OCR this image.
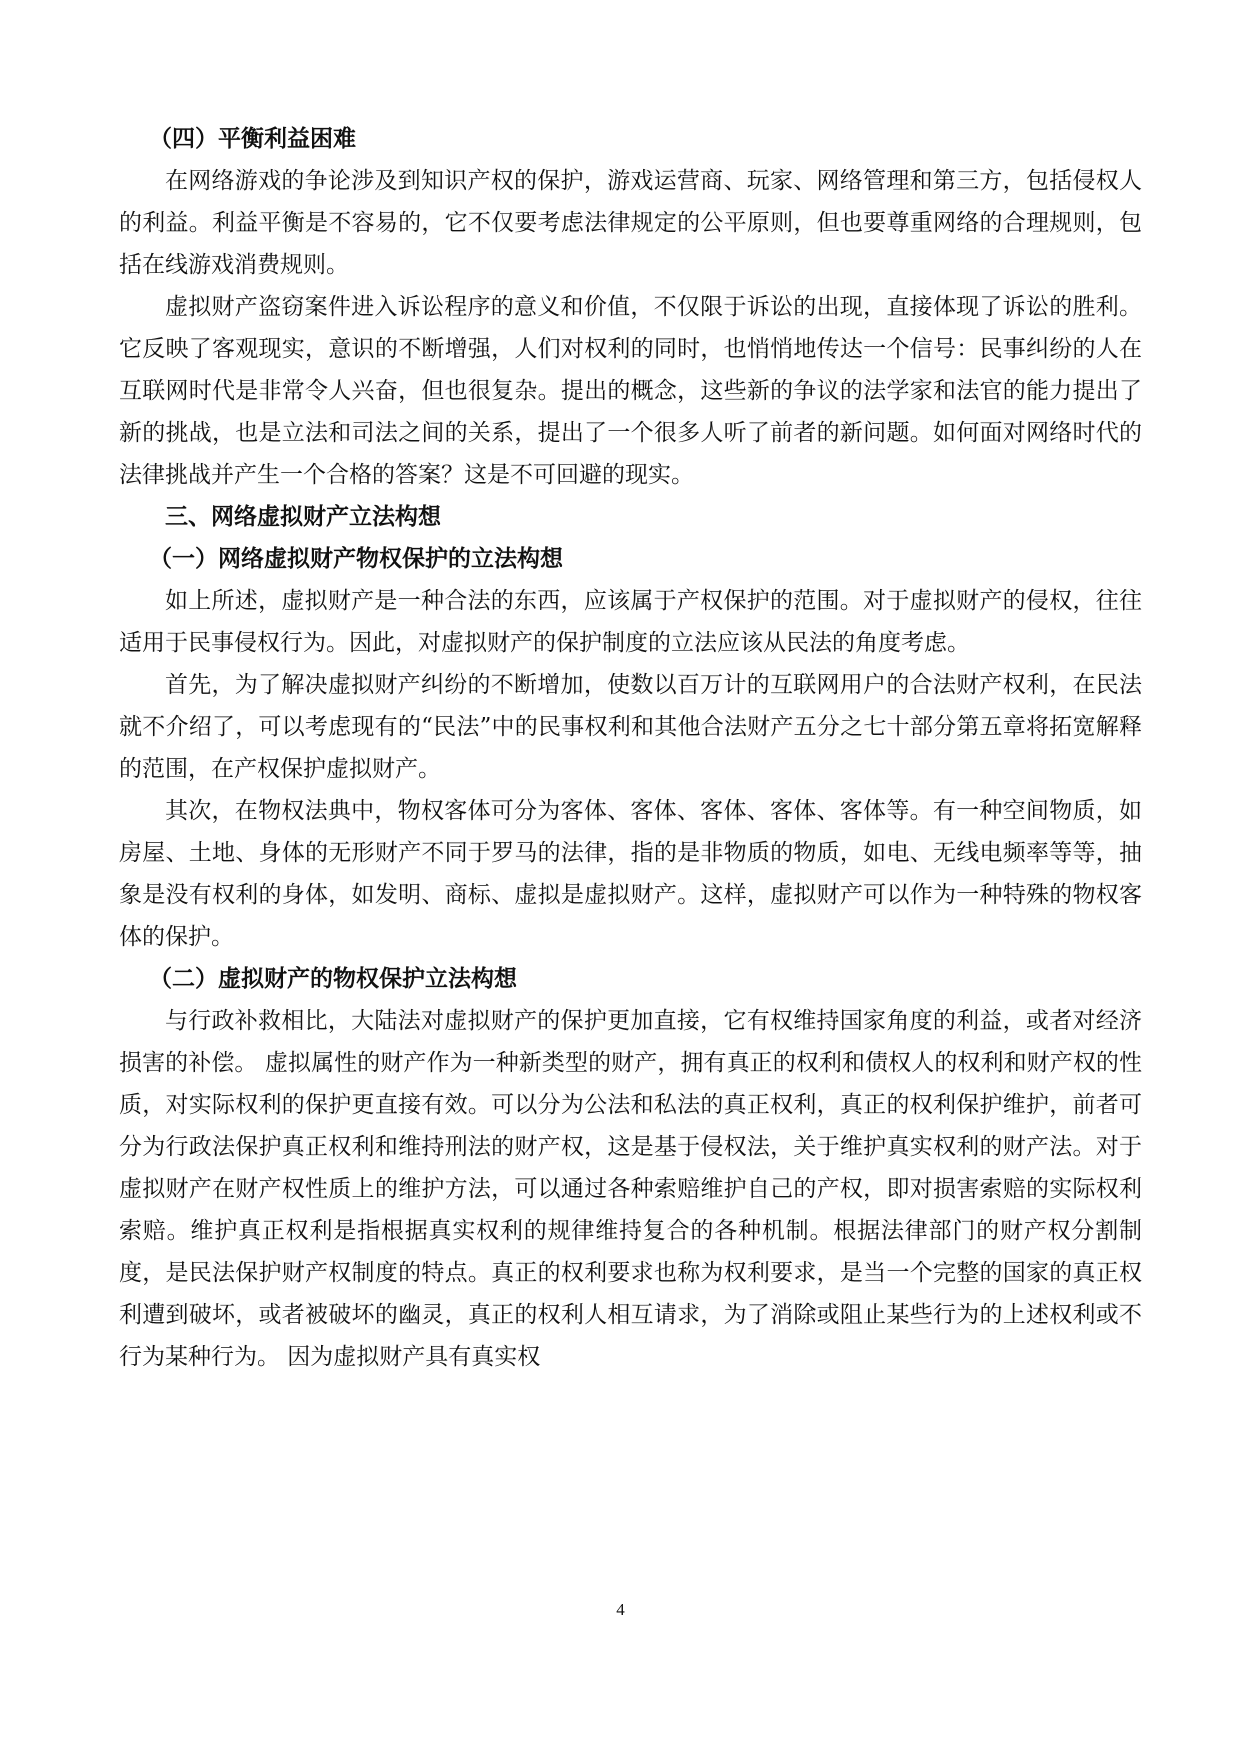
（四）平衡利益困难

在网络游戏的争论涉及到知识产权的保护，游戏运营商、玩家、网络管理和第三方，包括侵权人的利益。利益平衡是不容易的，它不仅要考虑法律规定的公平原则，但也要尊重网络的合理规则，包括在线游戏消费规则。

虚拟财产盗窃案件进入诉讼程序的意义和价值，不仅限于诉讼的出现，直接体现了诉讼的胜利。它反映了客观现实，意识的不断增强，人们对权利的同时，也悄悄地传达一个信号：民事纠纷的人在互联网时代是非常令人兴奋，但也很复杂。提出的概念，这些新的争议的法学家和法官的能力提出了新的挑战，也是立法和司法之间的关系，提出了一个很多人听了前者的新问题。如何面对网络时代的法律挑战并产生一个合格的答案？这是不可回避的现实。

三、网络虚拟财产立法构想
（一）网络虚拟财产物权保护的立法构想

如上所述，虚拟财产是一种合法的东西，应该属于产权保护的范围。对于虚拟财产的侵权，往往适用于民事侵权行为。因此，对虚拟财产的保护制度的立法应该从民法的角度考虑。

首先，为了解决虚拟财产纠纷的不断增加，使数以百万计的互联网用户的合法财产权利，在民法就不介绍了，可以考虑现有的“民法”中的民事权利和其他合法财产五分之七十部分第五章将拓宽解释的范围，在产权保护虚拟财产。

其次，在物权法典中，物权客体可分为客体、客体、客体、客体、客体等。有一种空间物质，如房屋、土地、身体的无形财产不同于罗马的法律，指的是非物质的物质，如电、无线电频率等等，抽象是没有权利的身体，如发明、商标、虚拟是虚拟财产。这样，虚拟财产可以作为一种特殊的物权客体的保护。

（二）虚拟财产的物权保护立法构想

与行政补救相比，大陆法对虚拟财产的保护更加直接，它有权维持国家角度的利益，或者对经济损害的补偿。 虚拟属性的财产作为一种新类型的财产，拥有真正的权利和债权人的权利和财产权的性质，对实际权利的保护更直接有效。可以分为公法和私法的真正权利，真正的权利保护维护，前者可分为行政法保护真正权利和维持刑法的财产权，这是基于侵权法，关于维护真实权利的财产法。对于虚拟财产在财产权性质上的维护方法，可以通过各种索赔维护自己的产权，即对损害索赔的实际权利索赔。维护真正权利是指根据真实权利的规律维持复合的各种机制。根据法律部门的财产权分割制度，是民法保护财产权制度的特点。真正的权利要求也称为权利要求，是当一个完整的国家的真正权利遭到破坏，或者被破坏的幽灵，真正的权利人相互请求，为了消除或阻止某些行为的上述权利或不行为某种行为。 因为虚拟财产具有真实权

4
